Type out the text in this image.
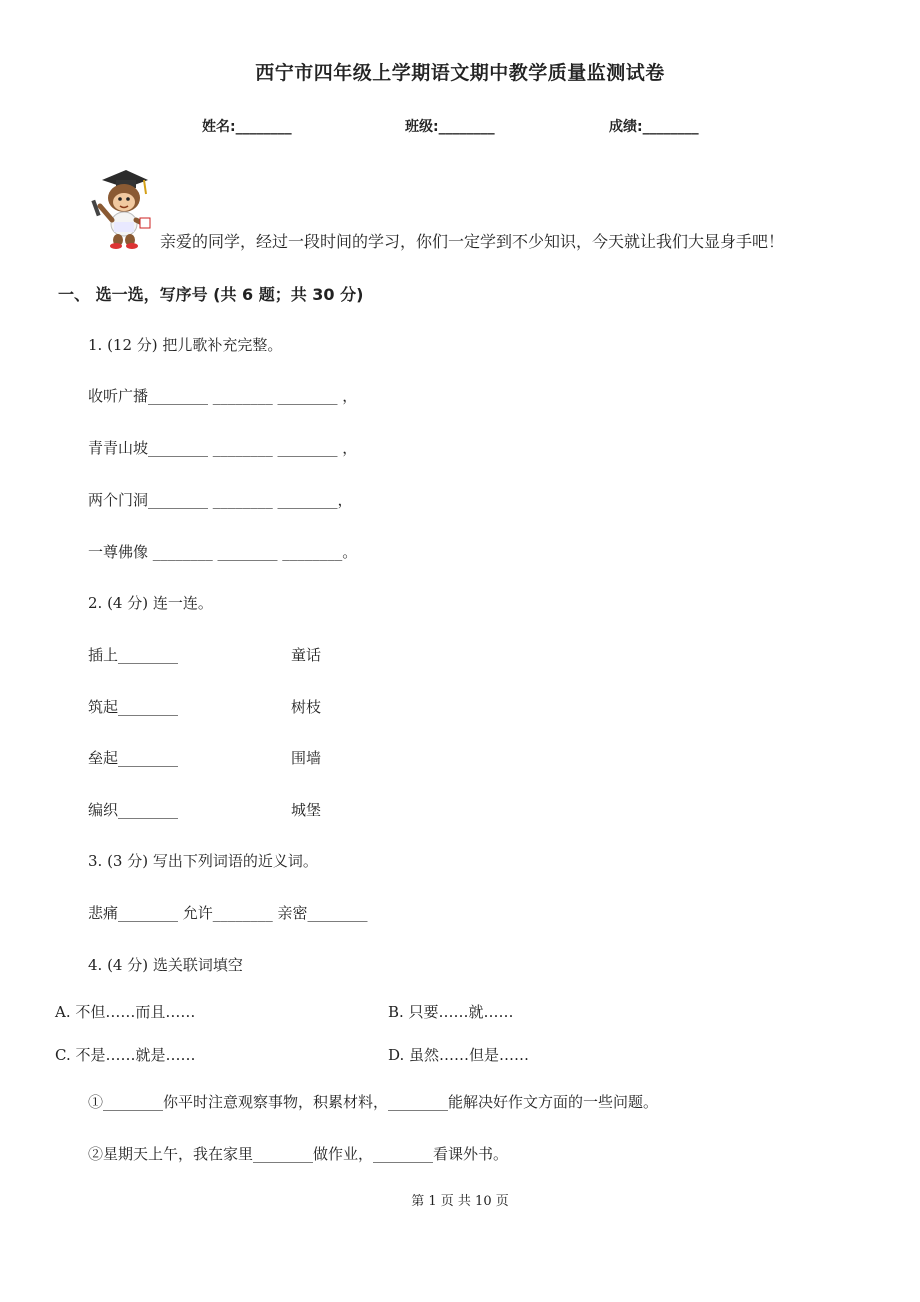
西宁市四年级上学期语文期中教学质量监测试卷
姓名:________	班级:________	成绩:________
亲爱的同学，经过一段时间的学习，你们一定学到不少知识，今天就让我们大显身手吧！
一、 选一选，写序号 (共 6 题；共 30 分)
1. (12 分) 把儿歌补充完整。
收听广播________ ________ ________ ，
青青山坡________ ________ ________ ，
两个门洞________ ________ ________，
一尊佛像 ________ ________ ________。
2. (4 分) 连一连。
插上________	童话
筑起________	树枝
垒起________	围墙
编织________	城堡
3. (3 分) 写出下列词语的近义词。
悲痛________ 允许________ 亲密________
4. (4 分) 选关联词填空
A. 不但……而且……	B. 只要……就……
C. 不是……就是……	D. 虽然……但是……
①________你平时注意观察事物，积累材料，________能解决好作文方面的一些问题。
②星期天上午，我在家里________做作业，________看课外书。
第 1 页 共 10 页
